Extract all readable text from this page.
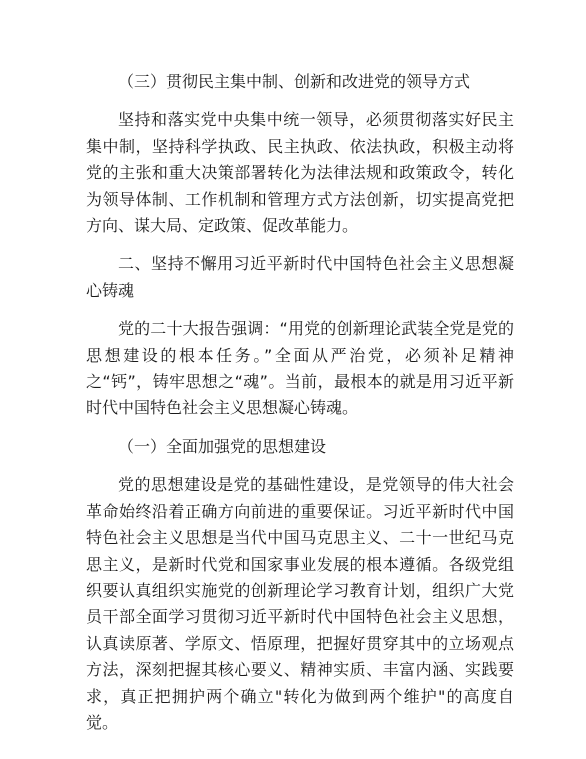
（三）贯彻民主集中制、创新和改进党的领导方式

坚持和落实党中央集中统一领导，必须贯彻落实好民主集中制，坚持科学执政、民主执政、依法执政，积极主动将党的主张和重大决策部署转化为法律法规和政策政令，转化为领导体制、工作机制和管理方式方法创新，切实提高党把方向、谋大局、定政策、促改革能力。

二、坚持不懈用习近平新时代中国特色社会主义思想凝心铸魂

党的二十大报告强调：“用党的创新理论武装全党是党的思想建设的根本任务。”全面从严治党，必须补足精神之“钙”，铸牢思想之“魂”。当前，最根本的就是用习近平新时代中国特色社会主义思想凝心铸魂。

（一）全面加强党的思想建设

党的思想建设是党的基础性建设，是党领导的伟大社会革命始终沿着正确方向前进的重要保证。习近平新时代中国特色社会主义思想是当代中国马克思主义、二十一世纪马克思主义，是新时代党和国家事业发展的根本遵循。各级党组织要认真组织实施党的创新理论学习教育计划，组织广大党员干部全面学习贯彻习近平新时代中国特色社会主义思想，认真读原著、学原文、悟原理，把握好贯穿其中的立场观点方法，深刻把握其核心要义、精神实质、丰富内涵、实践要求，真正把拥护两个确立"转化为做到两个维护"的高度自觉。
